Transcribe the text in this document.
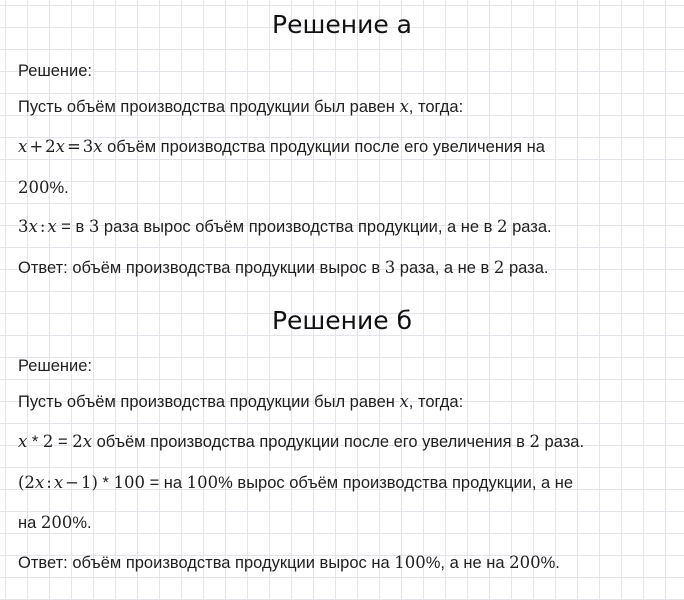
Решение а
Решение:
Пусть объём производства продукции был равен x, тогда:
x + 2x = 3x объём производства продукции после его увеличения на
200%.
3x : x = в 3 раза вырос объём производства продукции, а не в 2 раза.
Ответ: объём производства продукции вырос в 3 раза, а не в 2 раза.
Решение б
Решение:
Пусть объём производства продукции был равен x, тогда:
x * 2 = 2x объём производства продукции после его увеличения в 2 раза.
(2x : x − 1) * 100 = на 100% вырос объём производства продукции, а не
на 200%.
Ответ: объём производства продукции вырос на 100%, а не на 200%.
